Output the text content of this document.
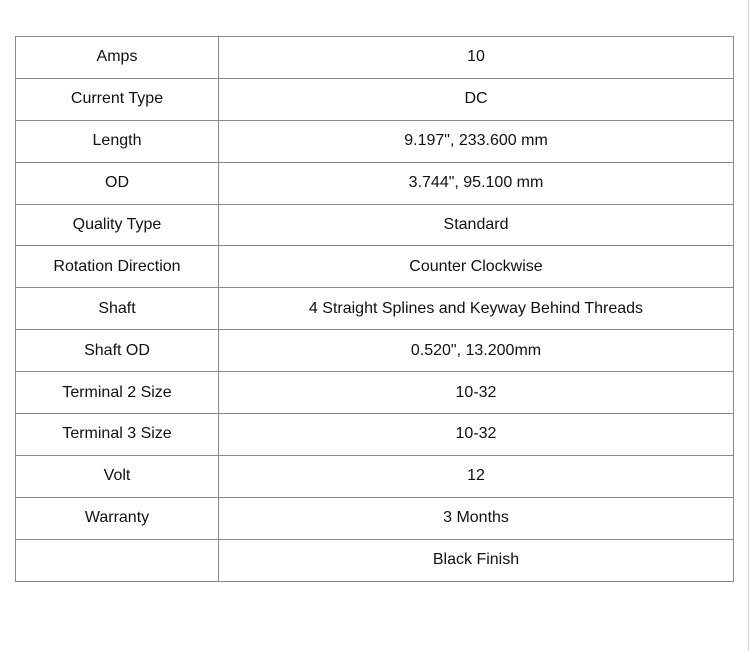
Amps	10
Current Type	DC
Length	9.197", 233.600 mm
OD	3.744", 95.100 mm
Quality Type	Standard
Rotation Direction	Counter Clockwise
Shaft	4 Straight Splines and Keyway Behind Threads
Shaft OD	0.520", 13.200mm
Terminal 2 Size	10-32
Terminal 3 Size	10-32
Volt	12
Warranty	3 Months
	Black Finish
